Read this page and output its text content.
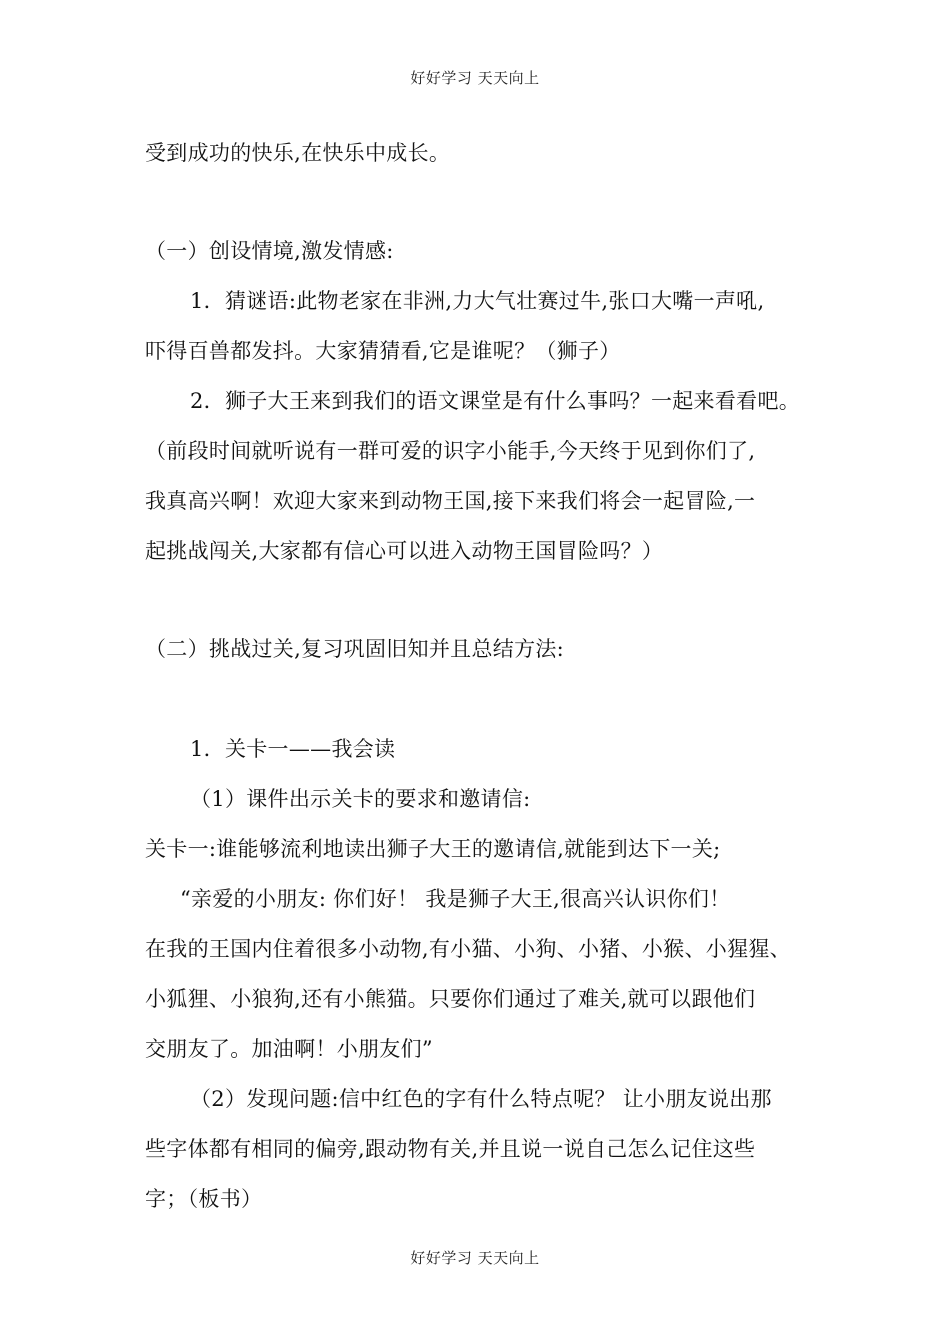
好好学习 天天向上
受到成功的快乐,在快乐中成长。
（一）创设情境,激发情感:
1．猜谜语:此物老家在非洲,力大气壮赛过牛,张口大嘴一声吼,
吓得百兽都发抖。大家猜猜看,它是谁呢？（狮子）
2．狮子大王来到我们的语文课堂是有什么事吗？一起来看看吧。
（前段时间就听说有一群可爱的识字小能手,今天终于见到你们了,
我真高兴啊！欢迎大家来到动物王国,接下来我们将会一起冒险,一
起挑战闯关,大家都有信心可以进入动物王国冒险吗？）
（二）挑战过关,复习巩固旧知并且总结方法:
1．关卡一——我会读
（1）课件出示关卡的要求和邀请信:
关卡一:谁能够流利地读出狮子大王的邀请信,就能到达下一关;
“亲爱的小朋友: 你们好！ 我是狮子大王,很高兴认识你们！
在我的王国内住着很多小动物,有小猫、小狗、小猪、小猴、小猩猩、
小狐狸、小狼狗,还有小熊猫。只要你们通过了难关,就可以跟他们
交朋友了。加油啊！小朋友们”
（2）发现问题:信中红色的字有什么特点呢？ 让小朋友说出那
些字体都有相同的偏旁,跟动物有关,并且说一说自己怎么记住这些
字；（板书）
好好学习 天天向上
